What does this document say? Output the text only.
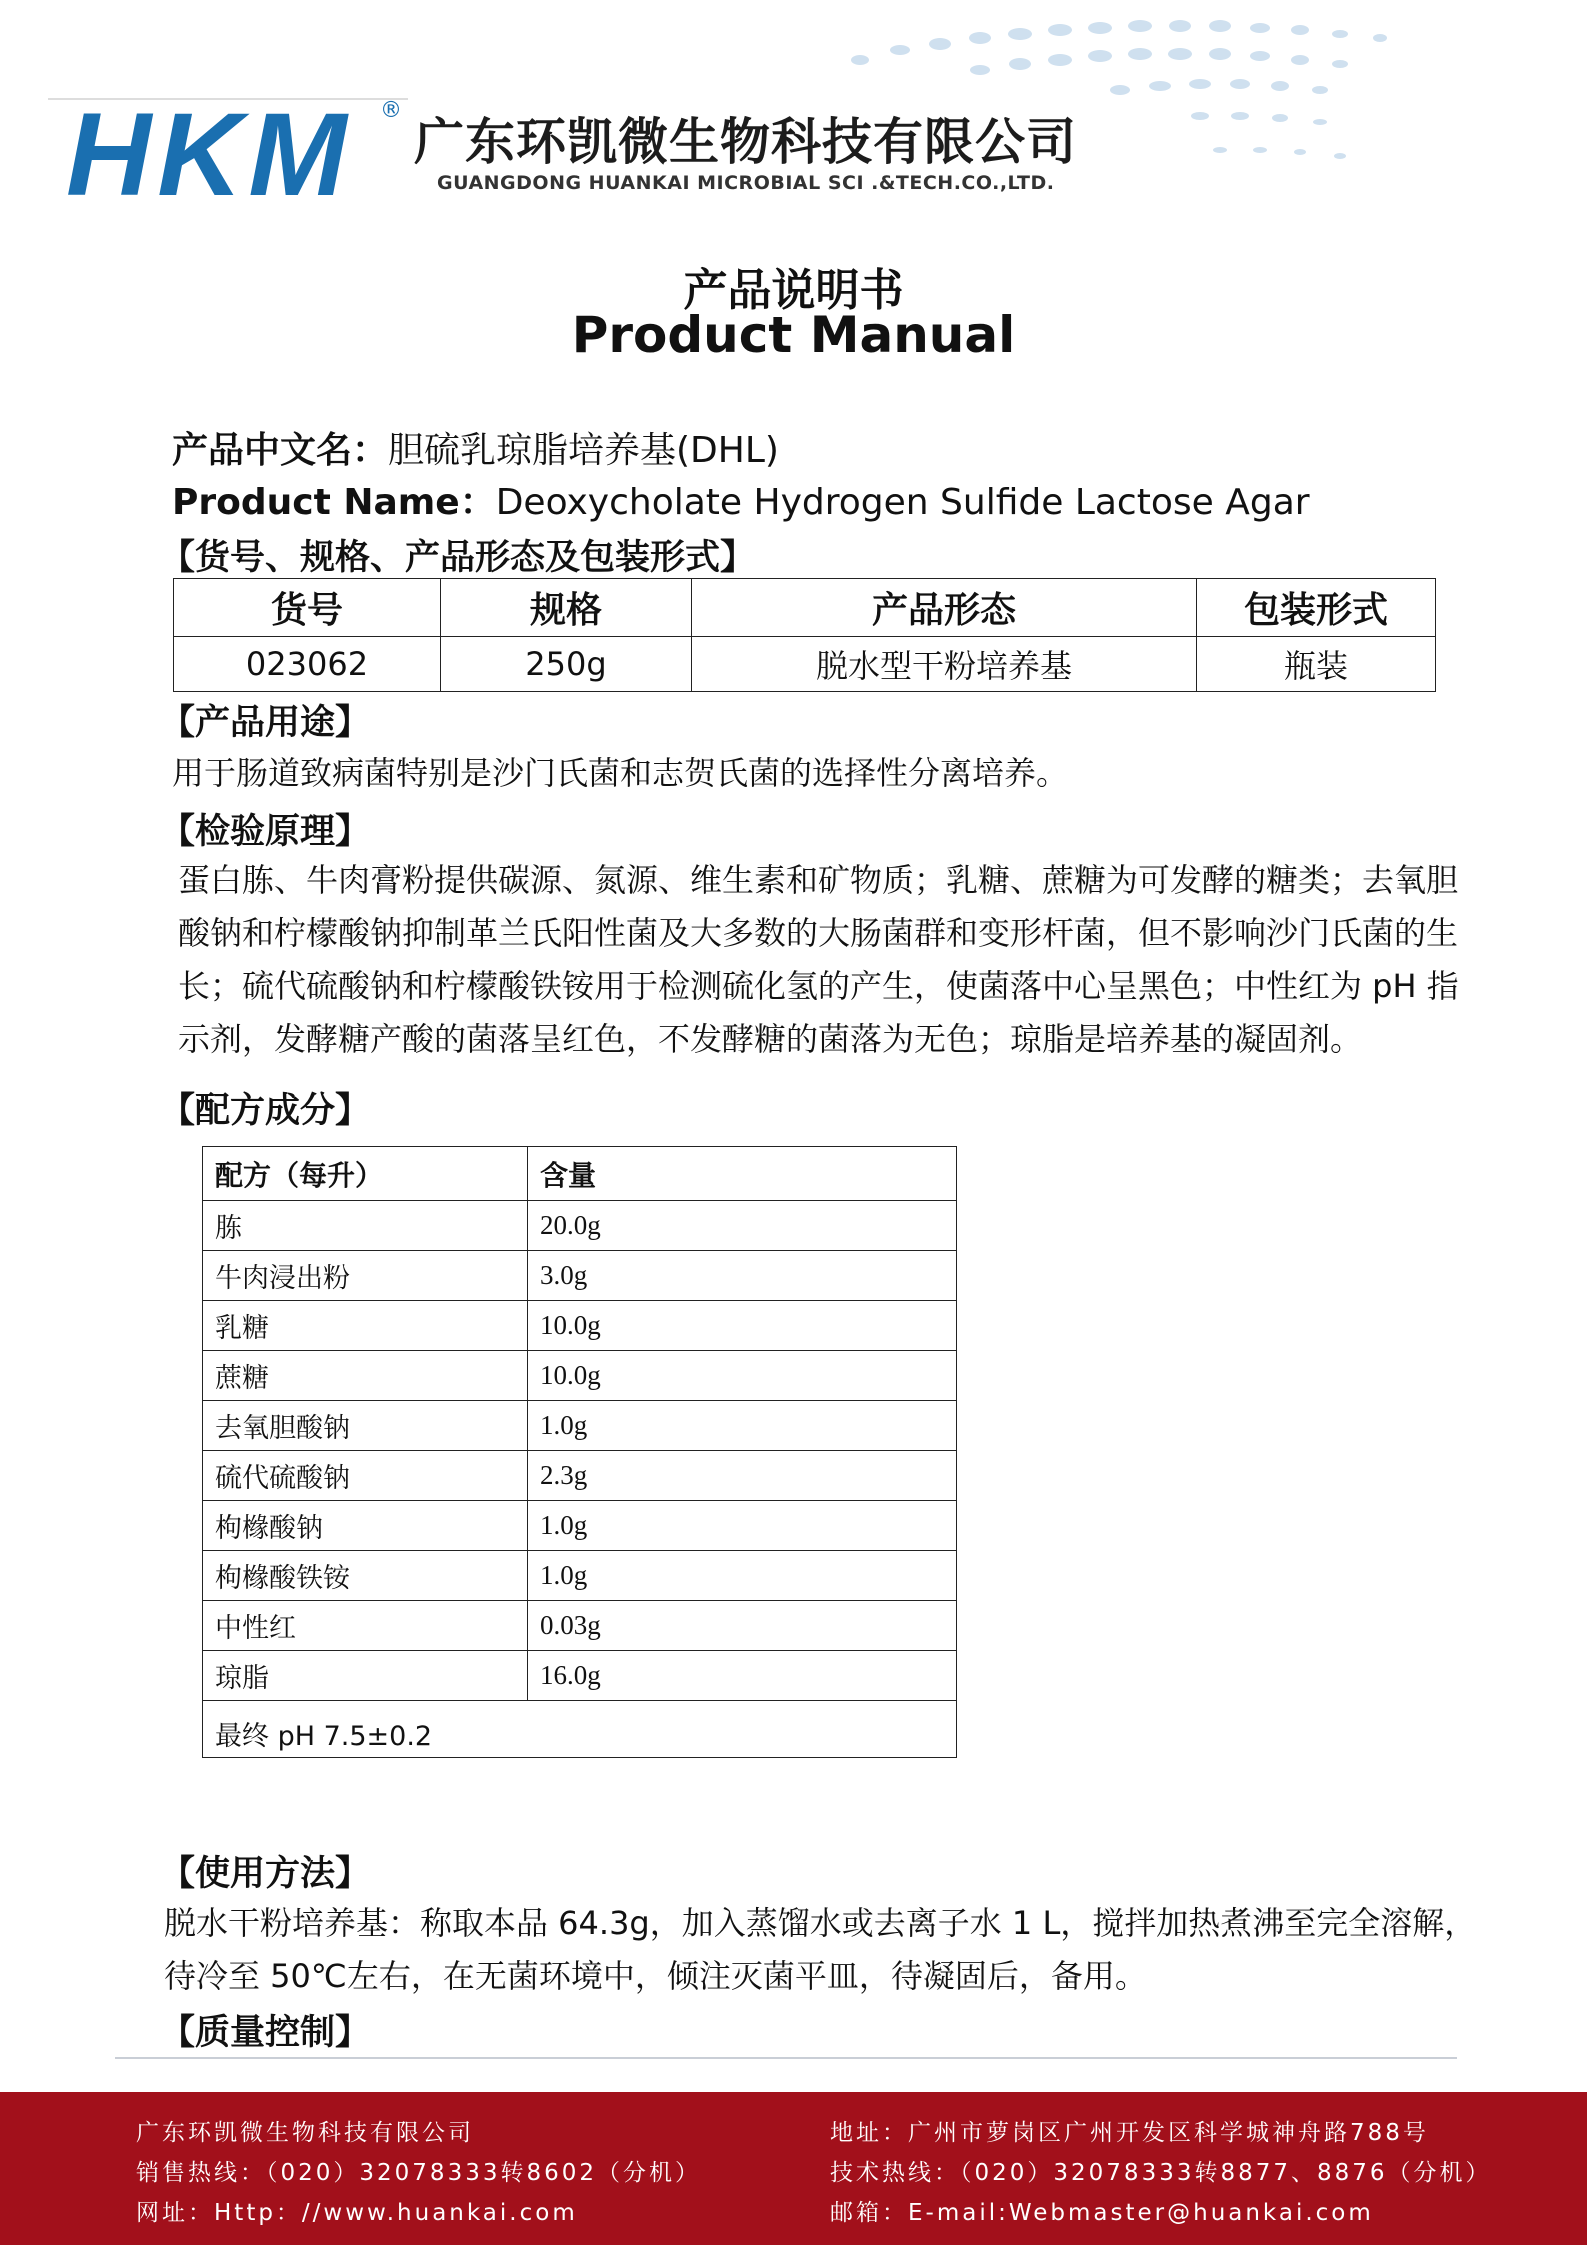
HKM ®
广东环凯微生物科技有限公司
GUANGDONG HUANKAI MICROBIAL SCI .&TECH.CO.,LTD.
产品说明书
Product Manual
产品中文名：胆硫乳琼脂培养基(DHL)
Product Name：Deoxycholate Hydrogen Sulfide Lactose Agar
【货号、规格、产品形态及包装形式】
货号	规格	产品形态	包装形式
023062	250g	脱水型干粉培养基	瓶装
【产品用途】
用于肠道致病菌特别是沙门氏菌和志贺氏菌的选择性分离培养。
【检验原理】
蛋白胨、牛肉膏粉提供碳源、氮源、维生素和矿物质；乳糖、蔗糖为可发酵的糖类；去氧胆
酸钠和柠檬酸钠抑制革兰氏阳性菌及大多数的大肠菌群和变形杆菌，但不影响沙门氏菌的生
长；硫代硫酸钠和柠檬酸铁铵用于检测硫化氢的产生，使菌落中心呈黑色；中性红为 pH 指
示剂，发酵糖产酸的菌落呈红色，不发酵糖的菌落为无色；琼脂是培养基的凝固剂。
【配方成分】
配方（每升）	含量
胨	20.0g
牛肉浸出粉	3.0g
乳糖	10.0g
蔗糖	10.0g
去氧胆酸钠	1.0g
硫代硫酸钠	2.3g
枸橼酸钠	1.0g
枸橼酸铁铵	1.0g
中性红	0.03g
琼脂	16.0g
最终 pH 7.5±0.2	
【使用方法】
脱水干粉培养基：称取本品 64.3g，加入蒸馏水或去离子水 1 L，搅拌加热煮沸至完全溶解，
待冷至 50℃左右，在无菌环境中，倾注灭菌平皿，待凝固后，备用。
【质量控制】
广东环凯微生物科技有限公司	地址：广州市萝岗区广州开发区科学城神舟路788号
销售热线：（020）32078333转8602（分机）	技术热线：（020）32078333转8877、8876（分机）
网址：Http：//www.huankai.com	邮箱：E-mail:Webmaster@huankai.com
